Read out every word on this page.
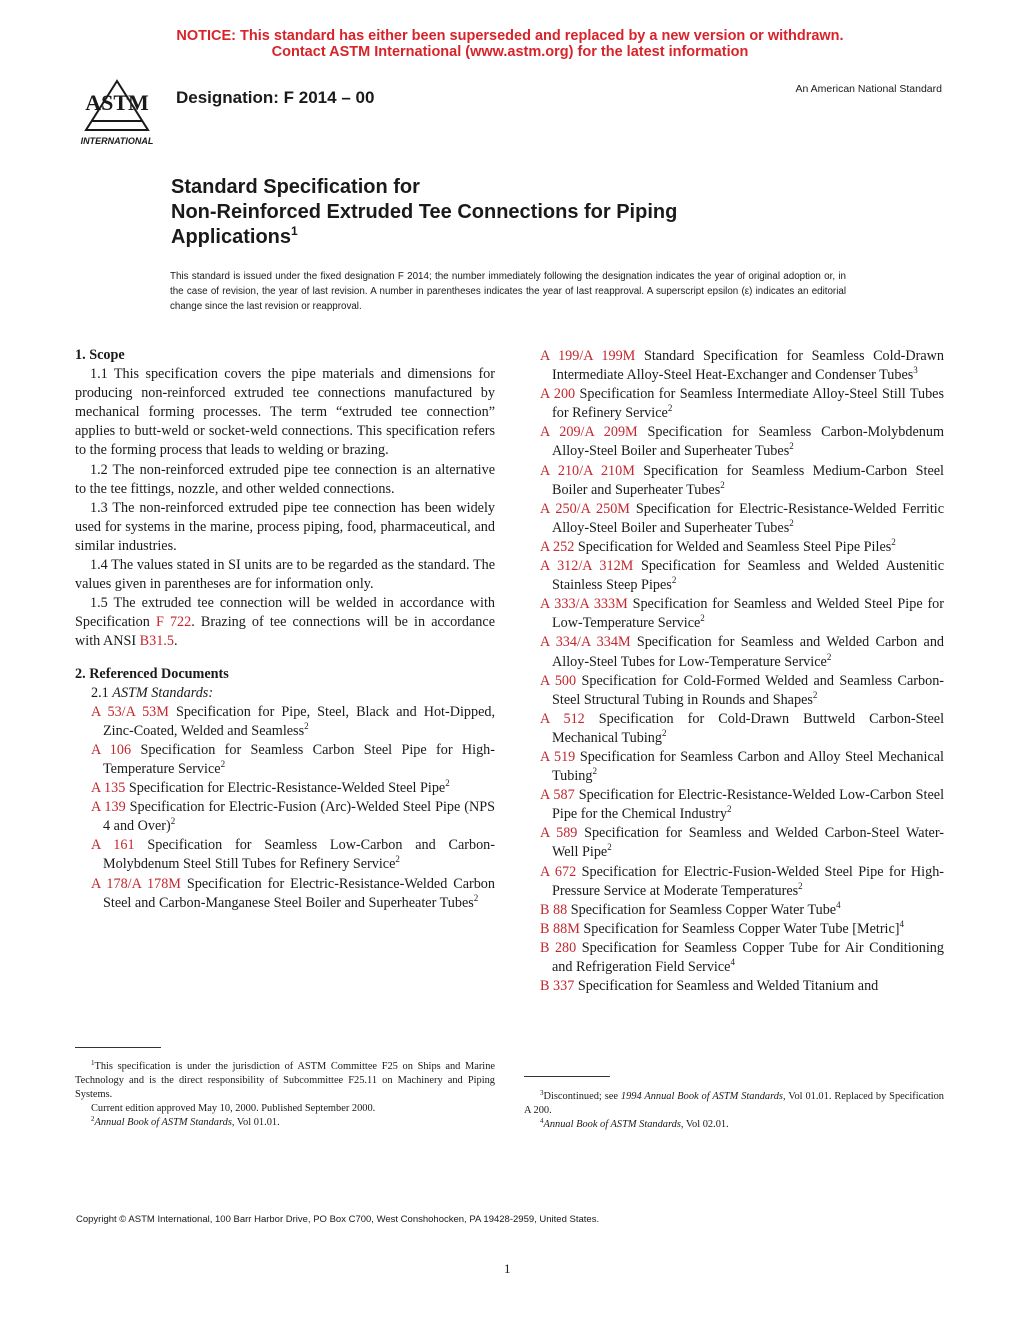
NOTICE: This standard has either been superseded and replaced by a new version or withdrawn.
Contact ASTM International (www.astm.org) for the latest information
ASTM
INTERNATIONAL
Designation: F 2014 – 00	An American National Standard
Standard Specification for
Non-Reinforced Extruded Tee Connections for Piping
Applications$^1$
This standard is issued under the fixed designation F 2014; the number immediately following the designation indicates the year of original adoption or, in the case of revision, the year of last revision. A number in parentheses indicates the year of last reapproval. A superscript epsilon (ε) indicates an editorial change since the last revision or reapproval.

1. Scope

1.1 This specification covers the pipe materials and dimensions for producing non-reinforced extruded tee connections manufactured by mechanical forming processes. The term “extruded tee connection” applies to butt-weld or socket-weld connections. This specification refers to the forming process that leads to welding or brazing.

1.2 The non-reinforced extruded pipe tee connection is an alternative to the tee fittings, nozzle, and other welded connections.

1.3 The non-reinforced extruded pipe tee connection has been widely used for systems in the marine, process piping, food, pharmaceutical, and similar industries.

1.4 The values stated in SI units are to be regarded as the standard. The values given in parentheses are for information only.

1.5 The extruded tee connection will be welded in accordance with Specification F 722. Brazing of tee connections will be in accordance with ANSI B31.5.

2. Referenced Documents

2.1 ASTM Standards:

A 53/A 53M Specification for Pipe, Steel, Black and Hot-Dipped, Zinc-Coated, Welded and Seamless$^2$

A 106 Specification for Seamless Carbon Steel Pipe for High-Temperature Service$^2$

A 135 Specification for Electric-Resistance-Welded Steel Pipe$^2$

A 139 Specification for Electric-Fusion (Arc)-Welded Steel Pipe (NPS 4 and Over)$^2$

A 161 Specification for Seamless Low-Carbon and Carbon-Molybdenum Steel Still Tubes for Refinery Service$^2$

A 178/A 178M Specification for Electric-Resistance-Welded Carbon Steel and Carbon-Manganese Steel Boiler and Superheater Tubes$^2$

A 199/A 199M Standard Specification for Seamless Cold-Drawn Intermediate Alloy-Steel Heat-Exchanger and Condenser Tubes$^3$

A 200 Specification for Seamless Intermediate Alloy-Steel Still Tubes for Refinery Service$^2$

A 209/A 209M Specification for Seamless Carbon-Molybdenum Alloy-Steel Boiler and Superheater Tubes$^2$

A 210/A 210M Specification for Seamless Medium-Carbon Steel Boiler and Superheater Tubes$^2$

A 250/A 250M Specification for Electric-Resistance-Welded Ferritic Alloy-Steel Boiler and Superheater Tubes$^2$

A 252 Specification for Welded and Seamless Steel Pipe Piles$^2$

A 312/A 312M Specification for Seamless and Welded Austenitic Stainless Steep Pipes$^2$

A 333/A 333M Specification for Seamless and Welded Steel Pipe for Low-Temperature Service$^2$

A 334/A 334M Specification for Seamless and Welded Carbon and Alloy-Steel Tubes for Low-Temperature Service$^2$

A 500 Specification for Cold-Formed Welded and Seamless Carbon-Steel Structural Tubing in Rounds and Shapes$^2$

A 512 Specification for Cold-Drawn Buttweld Carbon-Steel Mechanical Tubing$^2$

A 519 Specification for Seamless Carbon and Alloy Steel Mechanical Tubing$^2$

A 587 Specification for Electric-Resistance-Welded Low-Carbon Steel Pipe for the Chemical Industry$^2$

A 589 Specification for Seamless and Welded Carbon-Steel Water-Well Pipe$^2$

A 672 Specification for Electric-Fusion-Welded Steel Pipe for High-Pressure Service at Moderate Temperatures$^2$

B 88 Specification for Seamless Copper Water Tube$^4$

B 88M Specification for Seamless Copper Water Tube [Metric]$^4$

B 280 Specification for Seamless Copper Tube for Air Conditioning and Refrigeration Field Service$^4$

B 337 Specification for Seamless and Welded Titanium and

$^1$This specification is under the jurisdiction of ASTM Committee F25 on Ships and Marine Technology and is the direct responsibility of Subcommittee F25.11 on Machinery and Piping Systems.

Current edition approved May 10, 2000. Published September 2000.

$^2$Annual Book of ASTM Standards, Vol 01.01.

$^3$Discontinued; see 1994 Annual Book of ASTM Standards, Vol 01.01. Replaced by Specification A 200.

$^4$Annual Book of ASTM Standards, Vol 02.01.

Copyright © ASTM International, 100 Barr Harbor Drive, PO Box C700, West Conshohocken, PA 19428-2959, United States.
1
